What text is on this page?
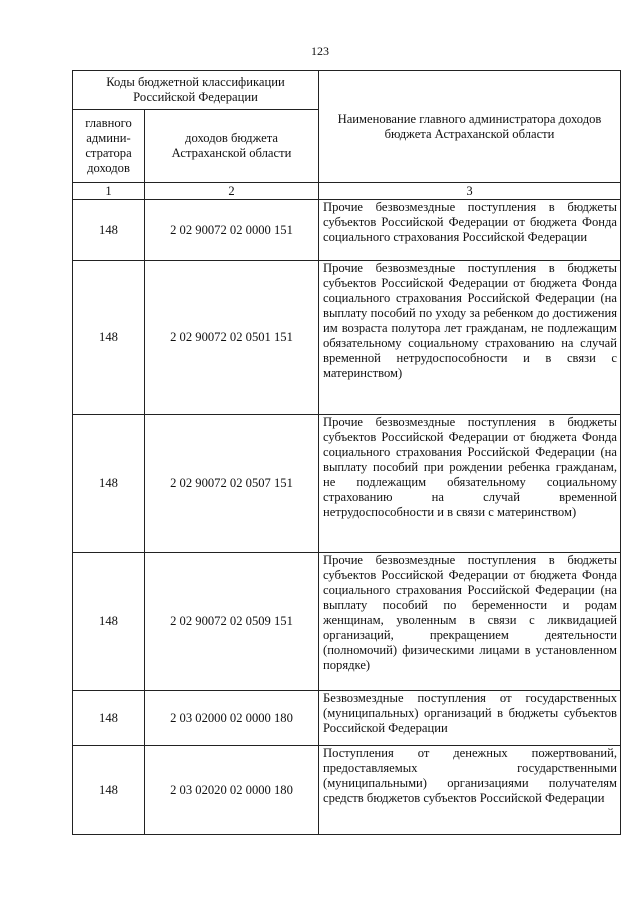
123
Коды бюджетной классификации Российской Федерации		Наименование главного администратора доходов бюджета Астраханской области
главного админи-стратора доходов	доходов бюджета Астраханской области	
1	2	3
148	2 02 90072 02 0000 151	Прочие безвозмездные поступления в бюджеты субъектов Российской Федерации от бюджета Фонда социального страхования Российской Федерации
148	2 02 90072 02 0501 151	Прочие безвозмездные поступления в бюджеты субъектов Российской Федерации от бюджета Фонда социального страхования Российской Федерации (на выплату пособий по уходу за ребенком до достижения им возраста полутора лет гражданам, не подлежащим обязательному социальному страхованию на случай временной нетрудоспособности и в связи с материнством)
148	2 02 90072 02 0507 151	Прочие безвозмездные поступления в бюджеты субъектов Российской Федерации от бюджета Фонда социального страхования Российской Федерации (на выплату пособий при рождении ребенка гражданам, не подлежащим обязательному социальному страхованию на случай временной нетрудоспособности и в связи с материнством)
148	2 02 90072 02 0509 151	Прочие безвозмездные поступления в бюджеты субъектов Российской Федерации от бюджета Фонда социального страхования Российской Федерации (на выплату пособий по беременности и родам женщинам, уволенным в связи с ликвидацией организаций, прекращением деятельности (полномочий) физическими лицами в установленном порядке)
148	2 03 02000 02 0000 180	Безвозмездные поступления от государственных (муниципальных) организаций в бюджеты субъектов Российской Федерации
148	2 03 02020 02 0000 180	Поступления от денежных пожертвований, предоставляемых государственными (муниципальными) организациями получателям средств бюджетов субъектов Российской Федерации
